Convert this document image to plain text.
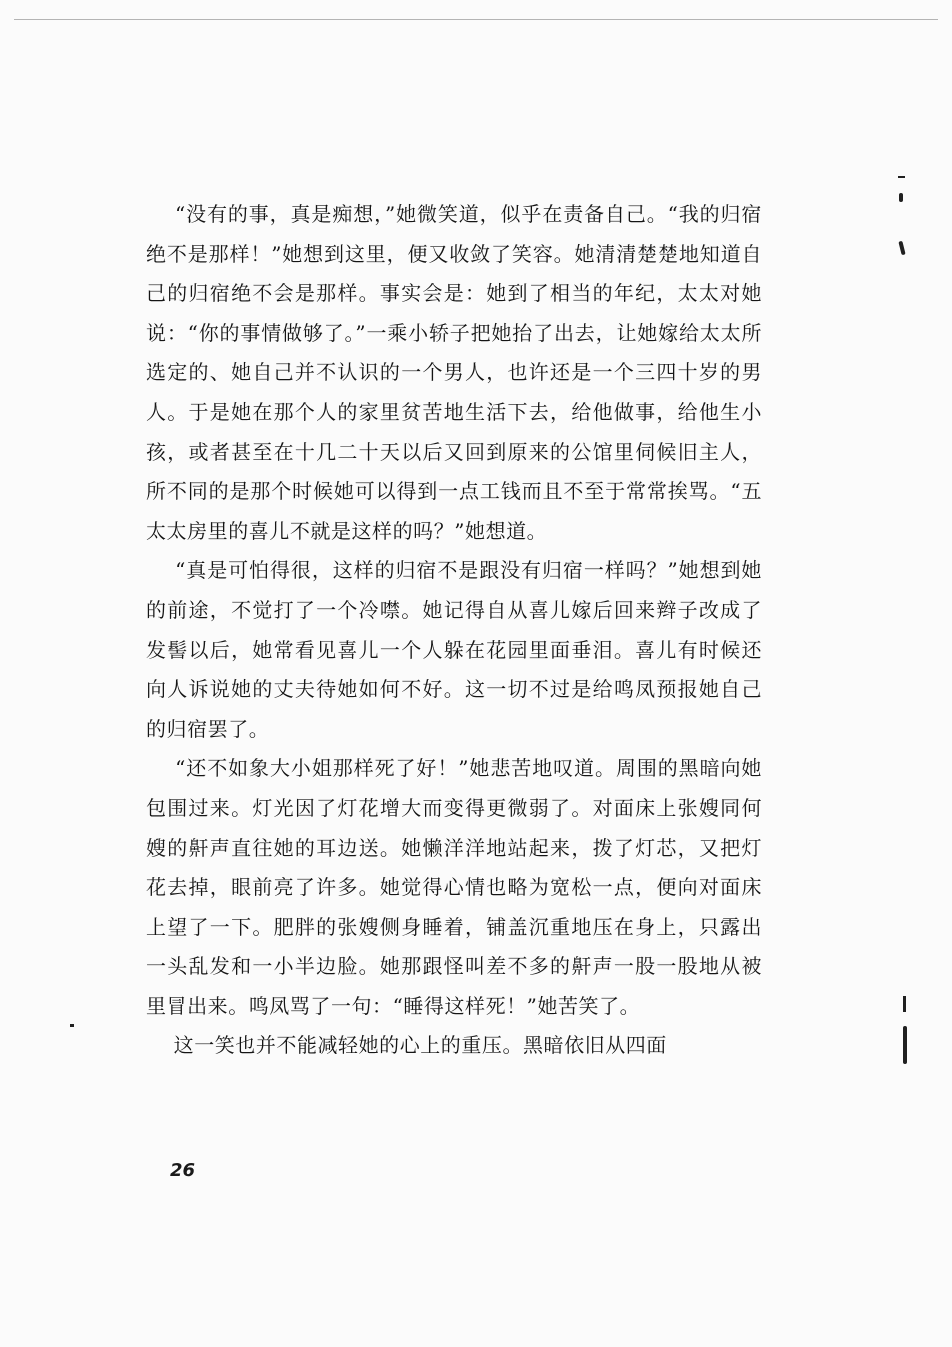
“没有的事，真是痴想，”她微笑道，似乎在责备自己。“我的归宿绝不是那样！”她想到这里，便又收敛了笑容。她清清楚楚地知道自己的归宿绝不会是那样。事实会是：她到了相当的年纪，太太对她说：“你的事情做够了。”一乘小轿子把她抬了出去，让她嫁给太太所选定的、她自己并不认识的一个男人，也许还是一个三四十岁的男人。于是她在那个人的家里贫苦地生活下去，给他做事，给他生小孩，或者甚至在十几二十天以后又回到原来的公馆里伺候旧主人，所不同的是那个时候她可以得到一点工钱而且不至于常常挨骂。“五太太房里的喜儿不就是这样的吗？”她想道。

“真是可怕得很，这样的归宿不是跟没有归宿一样吗？”她想到她的前途，不觉打了一个冷噤。她记得自从喜儿嫁后回来辫子改成了发髻以后，她常看见喜儿一个人躲在花园里面垂泪。喜儿有时候还向人诉说她的丈夫待她如何不好。这一切不过是给鸣凤预报她自己的归宿罢了。

“还不如象大小姐那样死了好！”她悲苦地叹道。周围的黑暗向她包围过来。灯光因了灯花增大而变得更微弱了。对面床上张嫂同何嫂的鼾声直往她的耳边送。她懒洋洋地站起来，拨了灯芯，又把灯花去掉，眼前亮了许多。她觉得心情也略为宽松一点，便向对面床上望了一下。肥胖的张嫂侧身睡着，铺盖沉重地压在身上，只露出一头乱发和一小半边脸。她那跟怪叫差不多的鼾声一股一股地从被里冒出来。鸣凤骂了一句：“睡得这样死！”她苦笑了。

这一笑也并不能减轻她的心上的重压。黑暗依旧从四面

26
